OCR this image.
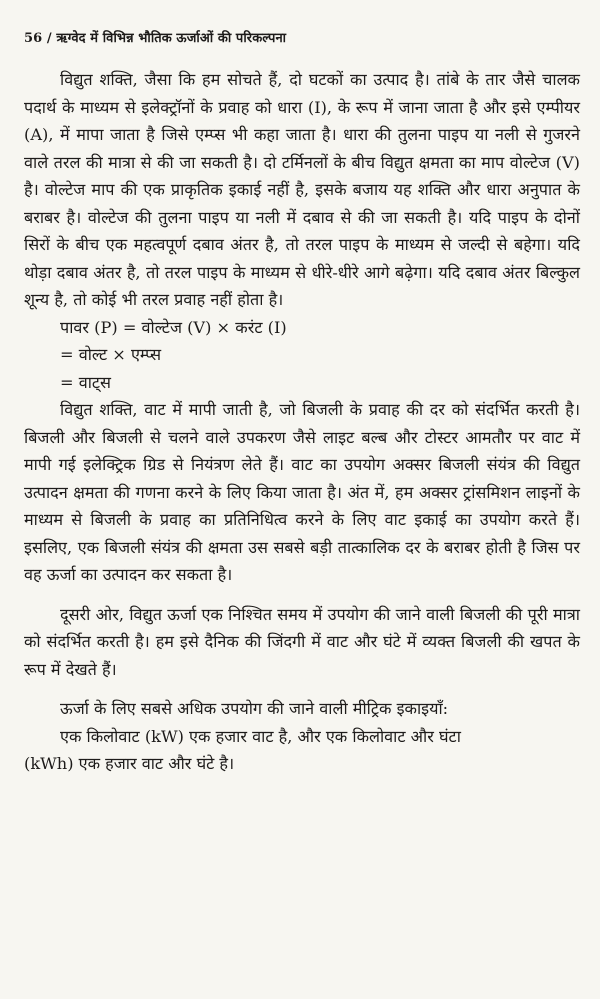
56 / ऋग्वेद में विभिन्न भौतिक ऊर्जाओं की परिकल्पना

विद्युत शक्ति, जैसा कि हम सोचते हैं, दो घटकों का उत्पाद है। तांबे के तार जैसे चालक पदार्थ के माध्यम से इलेक्ट्रॉनों के प्रवाह को धारा (I), के रूप में जाना जाता है और इसे एम्पीयर (A), में मापा जाता है जिसे एम्प्स भी कहा जाता है। धारा की तुलना पाइप या नली से गुजरने वाले तरल की मात्रा से की जा सकती है। दो टर्मिनलों के बीच विद्युत क्षमता का माप वोल्टेज (V) है। वोल्टेज माप की एक प्राकृतिक इकाई नहीं है, इसके बजाय यह शक्ति और धारा अनुपात के बराबर है। वोल्टेज की तुलना पाइप या नली में दबाव से की जा सकती है। यदि पाइप के दोनों सिरों के बीच एक महत्वपूर्ण दबाव अंतर है, तो तरल पाइप के माध्यम से जल्दी से बहेगा। यदि थोड़ा दबाव अंतर है, तो तरल पाइप के माध्यम से धीरे-धीरे आगे बढ़ेगा। यदि दबाव अंतर बिल्कुल शून्य है, तो कोई भी तरल प्रवाह नहीं होता है।

पावर (P) = वोल्टेज (V) × करंट (I)

= वोल्ट × एम्प्स

= वाट्स

विद्युत शक्ति, वाट में मापी जाती है, जो बिजली के प्रवाह की दर को संदर्भित करती है। बिजली और बिजली से चलने वाले उपकरण जैसे लाइट बल्ब और टोस्टर आमतौर पर वाट में मापी गई इलेक्ट्रिक ग्रिड से नियंत्रण लेते हैं। वाट का उपयोग अक्सर बिजली संयंत्र की विद्युत उत्पादन क्षमता की गणना करने के लिए किया जाता है। अंत में, हम अक्सर ट्रांसमिशन लाइनों के माध्यम से बिजली के प्रवाह का प्रतिनिधित्व करने के लिए वाट इकाई का उपयोग करते हैं। इसलिए, एक बिजली संयंत्र की क्षमता उस सबसे बड़ी तात्कालिक दर के बराबर होती है जिस पर वह ऊर्जा का उत्पादन कर सकता है।

दूसरी ओर, विद्युत ऊर्जा एक निश्चित समय में उपयोग की जाने वाली बिजली की पूरी मात्रा को संदर्भित करती है। हम इसे दैनिक की जिंदगी में वाट और घंटे में व्यक्त बिजली की खपत के रूप में देखते हैं।

ऊर्जा के लिए सबसे अधिक उपयोग की जाने वाली मीट्रिक इकाइयाँ:

एक किलोवाट (kW) एक हजार वाट है, और एक किलोवाट और घंटा

(kWh) एक हजार वाट और घंटे है।
